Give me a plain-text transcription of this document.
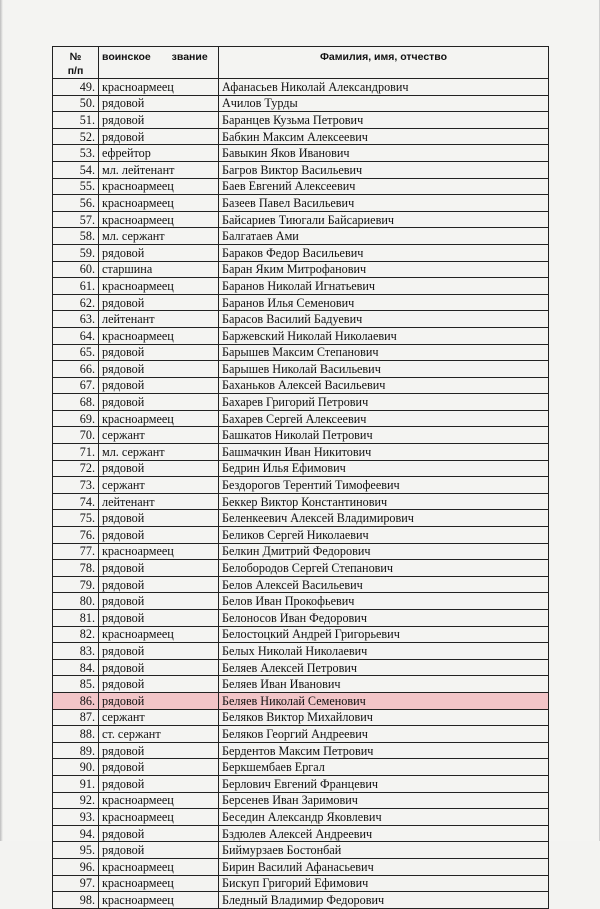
№
п/п	воинское звание	Фамилия, имя, отчество
49.	красноармеец	Афанасьев Николай Александрович
50.	рядовой	Ачилов Турды
51.	рядовой	Баранцев Кузьма Петрович
52.	рядовой	Бабкин Максим Алексеевич
53.	ефрейтор	Бавыкин Яков Иванович
54.	мл. лейтенант	Багров Виктор Васильевич
55.	красноармеец	Баев Евгений Алексеевич
56.	красноармеец	Базеев Павел Васильевич
57.	красноармеец	Байсариев Тиюгали Байсариевич
58.	мл. сержант	Балгатаев Ами
59.	рядовой	Бараков Федор Васильевич
60.	старшина	Баран Яким Митрофанович
61.	красноармеец	Баранов Николай Игнатьевич
62.	рядовой	Баранов Илья Семенович
63.	лейтенант	Барасов Василий Бадуевич
64.	красноармеец	Баржевский Николай Николаевич
65.	рядовой	Барышев Максим Степанович
66.	рядовой	Барышев Николай Васильевич
67.	рядовой	Баханьков Алексей Васильевич
68.	рядовой	Бахарев Григорий Петрович
69.	красноармеец	Бахарев Сергей Алексеевич
70.	сержант	Башкатов Николай Петрович
71.	мл. сержант	Башмачкин Иван Никитович
72.	рядовой	Бедрин Илья Ефимович
73.	сержант	Бездорогов Терентий Тимофеевич
74.	лейтенант	Беккер Виктор Константинович
75.	рядовой	Беленкеевич Алексей Владимирович
76.	рядовой	Беликов Сергей Николаевич
77.	красноармеец	Белкин Дмитрий Федорович
78.	рядовой	Белобородов Сергей Степанович
79.	рядовой	Белов Алексей Васильевич
80.	рядовой	Белов Иван Прокофьевич
81.	рядовой	Белоносов Иван Федорович
82.	красноармеец	Белостоцкий Андрей Григорьевич
83.	рядовой	Белых Николай Николаевич
84.	рядовой	Беляев Алексей Петрович
85.	рядовой	Беляев Иван Иванович
86.	рядовой	Беляев Николай Семенович
87.	сержант	Беляков Виктор Михайлович
88.	ст. сержант	Беляков Георгий Андреевич
89.	рядовой	Бердентов Максим Петрович
90.	рядовой	Беркшембаев Ергал
91.	рядовой	Берлович Евгений Францевич
92.	красноармеец	Берсенев Иван Заримович
93.	красноармеец	Беседин Александр Яковлевич
94.	рядовой	Бздюлев Алексей Андреевич
95.	рядовой	Биймурзаев Бостонбай
96.	красноармеец	Бирин Василий Афанасьевич
97.	красноармеец	Бискуп Григорий Ефимович
98.	красноармеец	Бледный Владимир Федорович
